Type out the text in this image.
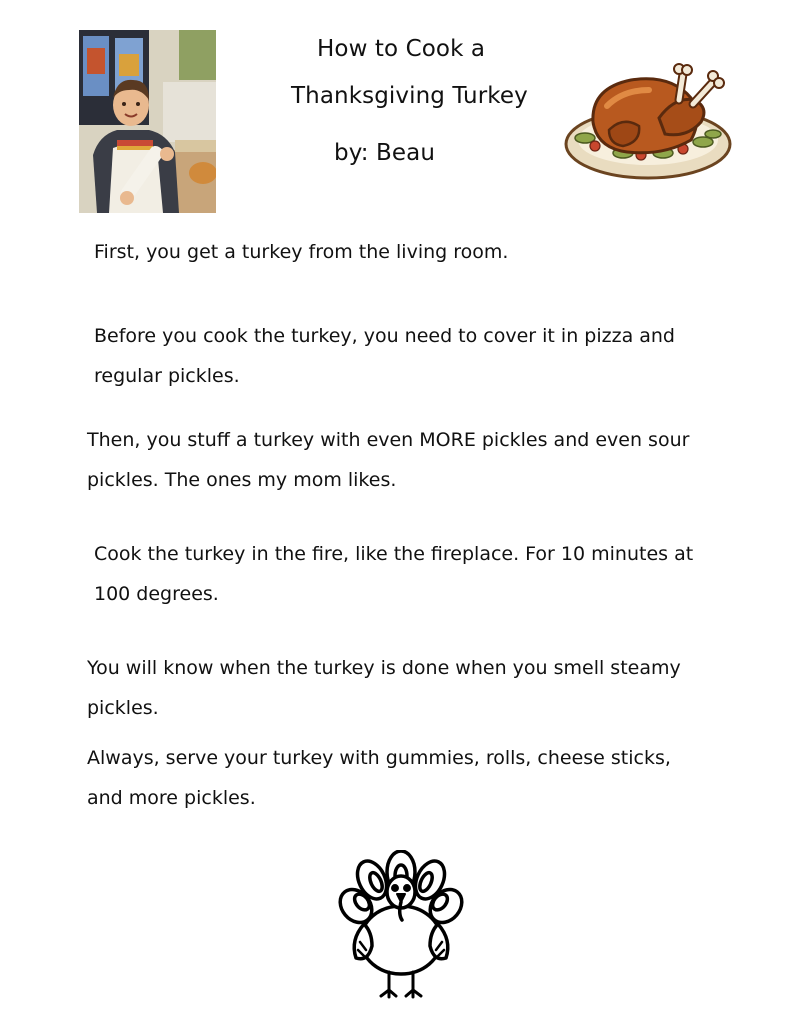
How to Cook a
Thanksgiving Turkey
by: Beau
First, you get a turkey from the living room.
Before you cook the turkey, you need to cover it in pizza and
regular pickles.
Then, you stuff a turkey with even MORE pickles and even sour
pickles. The ones my mom likes.
Cook the turkey in the fire, like the fireplace. For 10 minutes at
100 degrees.
You will know when the turkey is done when you smell steamy
pickles.
Always, serve your turkey with gummies, rolls, cheese sticks,
and more pickles.
